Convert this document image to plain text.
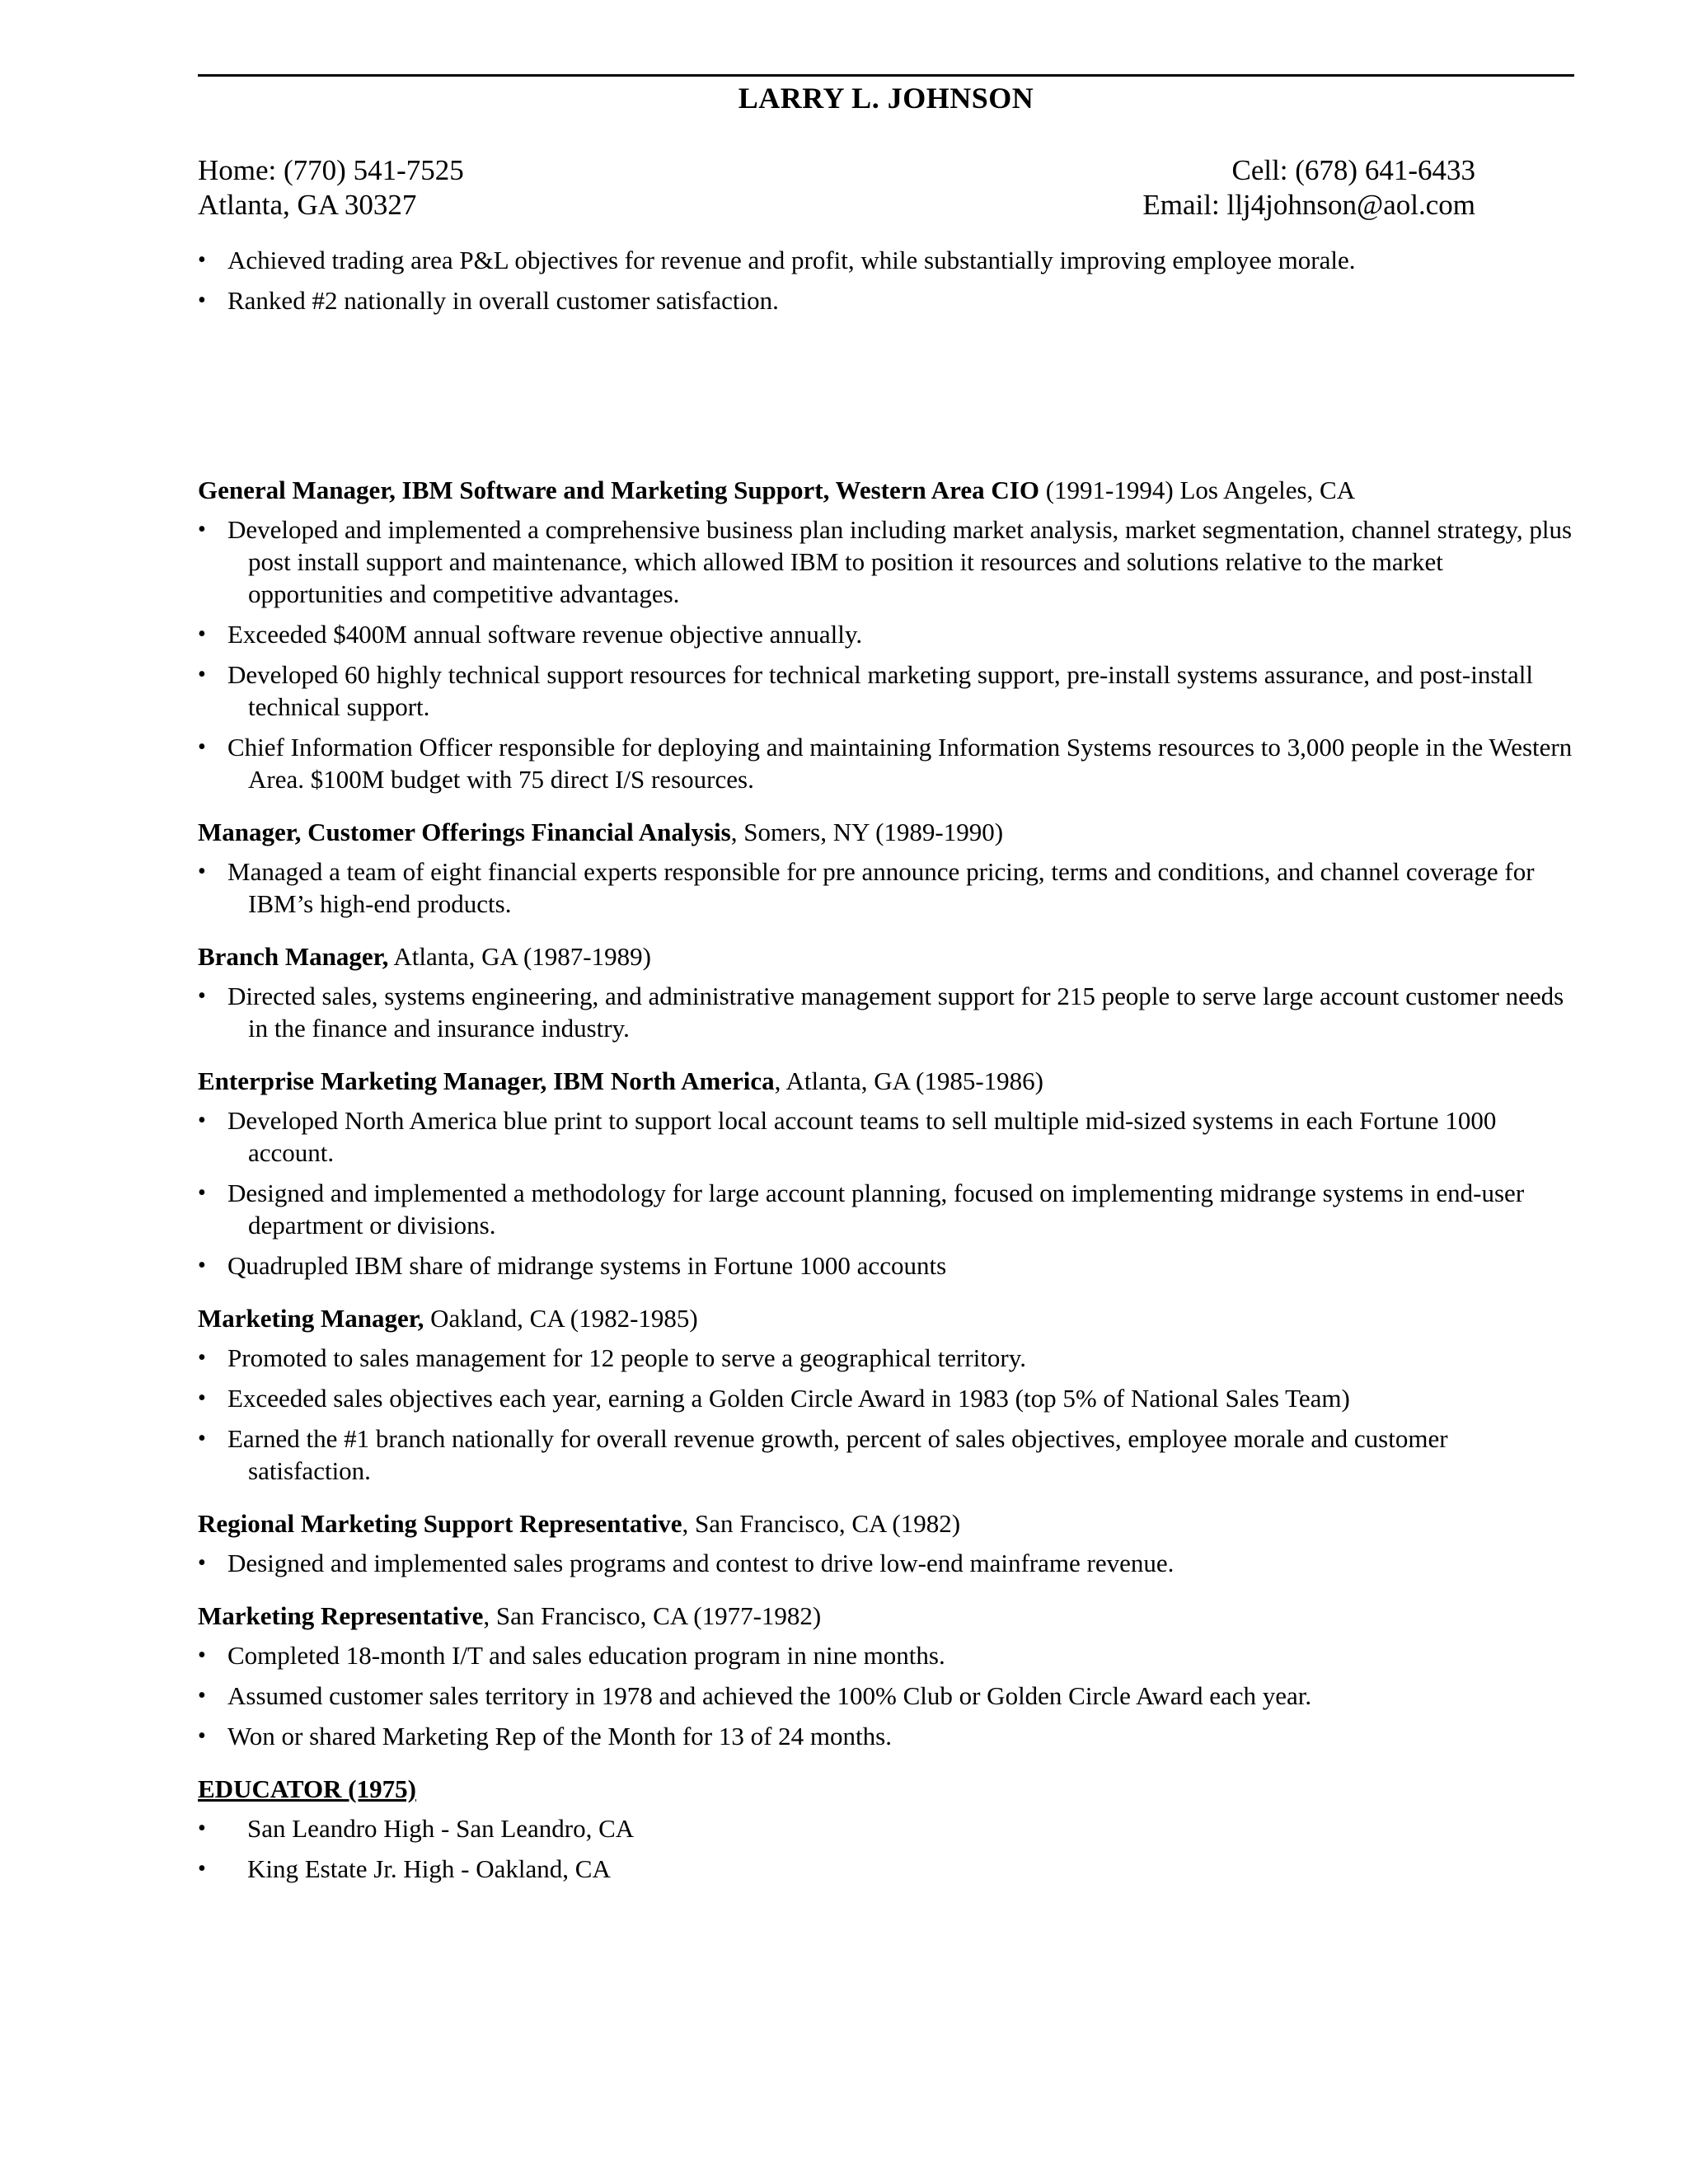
LARRY L. JOHNSON
Home: (770) 541-7525	Cell: (678) 641-6433
Atlanta, GA 30327	Email: llj4johnson@aol.com
• Achieved trading area P&L objectives for revenue and profit, while substantially improving employee morale.
• Ranked #2 nationally in overall customer satisfaction.
General Manager, IBM Software and Marketing Support, Western Area CIO (1991-1994) Los Angeles, CA
• Developed and implemented a comprehensive business plan including market analysis, market segmentation, channel strategy, plus post install support and maintenance, which allowed IBM to position it resources and solutions relative to the market opportunities and competitive advantages.
• Exceeded $400M annual software revenue objective annually.
• Developed 60 highly technical support resources for technical marketing support, pre-install systems assurance, and post-install technical support.
• Chief Information Officer responsible for deploying and maintaining Information Systems resources to 3,000 people in the Western Area. $100M budget with 75 direct I/S resources.
Manager, Customer Offerings Financial Analysis, Somers, NY (1989-1990)
• Managed a team of eight financial experts responsible for pre announce pricing, terms and conditions, and channel coverage for IBM’s high-end products.
Branch Manager, Atlanta, GA (1987-1989)
• Directed sales, systems engineering, and administrative management support for 215 people to serve large account customer needs in the finance and insurance industry.
Enterprise Marketing Manager, IBM North America, Atlanta, GA (1985-1986)
• Developed North America blue print to support local account teams to sell multiple mid-sized systems in each Fortune 1000 account.
• Designed and implemented a methodology for large account planning, focused on implementing midrange systems in end-user department or divisions.
• Quadrupled IBM share of midrange systems in Fortune 1000 accounts
Marketing Manager, Oakland, CA (1982-1985)
• Promoted to sales management for 12 people to serve a geographical territory.
• Exceeded sales objectives each year, earning a Golden Circle Award in 1983 (top 5% of National Sales Team)
• Earned the #1 branch nationally for overall revenue growth, percent of sales objectives, employee morale and customer satisfaction.
Regional Marketing Support Representative, San Francisco, CA (1982)
• Designed and implemented sales programs and contest to drive low-end mainframe revenue.
Marketing Representative, San Francisco, CA (1977-1982)
• Completed 18-month I/T and sales education program in nine months.
• Assumed customer sales territory in 1978 and achieved the 100% Club or Golden Circle Award each year.
• Won or shared Marketing Rep of the Month for 13 of 24 months.
EDUCATOR (1975)
• San Leandro High - San Leandro, CA
• King Estate Jr. High - Oakland, CA
